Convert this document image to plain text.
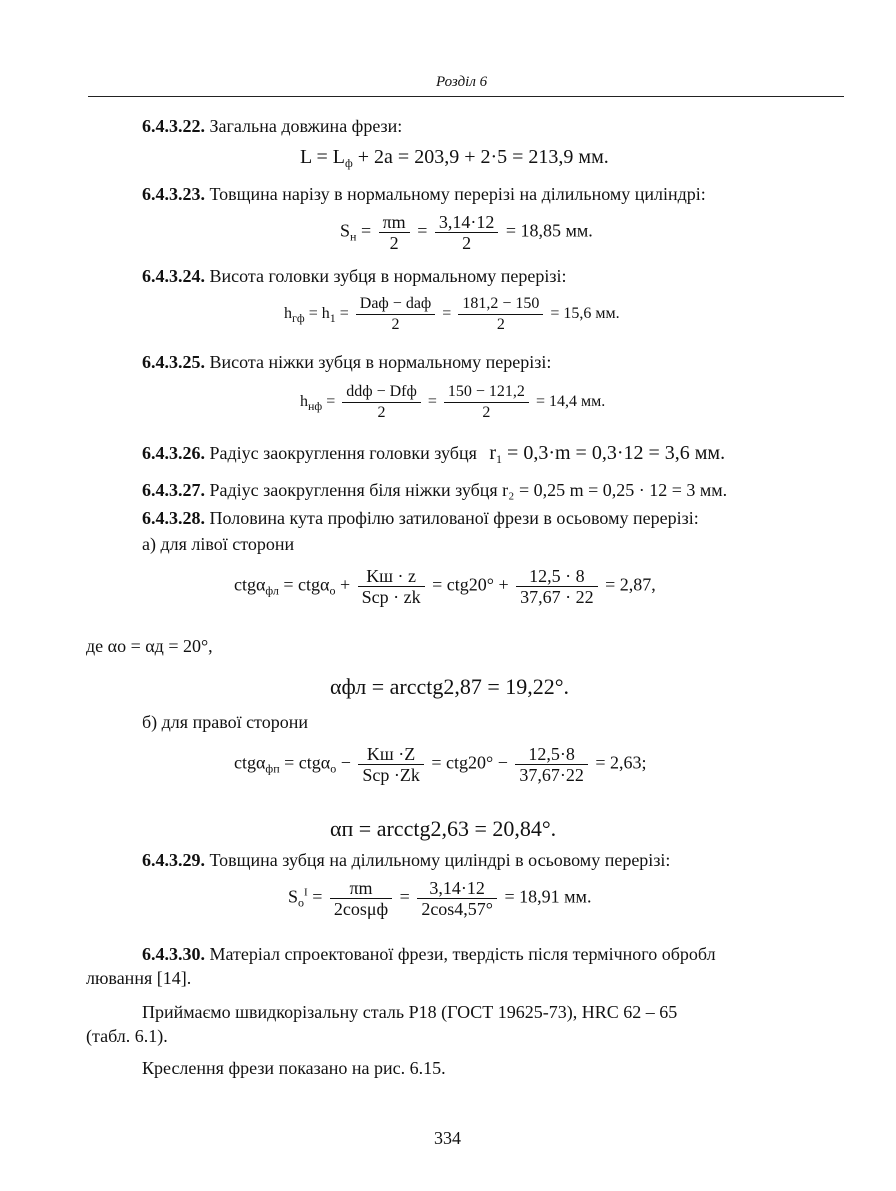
Розділ 6
6.4.3.22. Загальна довжина фрези:
$L = L_ф + 2a = 203,9 + 2\cdot 5 = 213,9$ мм.
6.4.3.23. Товщина нарізу в нормальному перерізі на ділильному циліндрі:
$S_н = \frac{\pi m}{2} = \frac{3,14\cdot 12}{2} = 18,85$ мм.
6.4.3.24. Висота головки зубця в нормальному перерізі:
$h_{гф} = h_1 = \frac{\text{Dаф − dаф}}{2} = \frac{181,2 - 150}{2} = 15,6$ мм.
6.4.3.25. Висота ніжки зубця в нормальному перерізі:
$h_{нф} = \frac{\text{ddф − Dfф}}{2} = \frac{150 - 121,2}{2} = 14,4$ мм.
6.4.3.26. Радіус заокруглення головки зубця $r_1 = 0,3\cdot m = 0,3\cdot 12 = 3,6$ мм.
6.4.3.27. Радіус заокруглення біля ніжки зубця r₂ = 0,25 m = 0,25 · 12 = 3 мм.
6.4.3.28. Половина кута профілю затилованої фрези в осьовому перерізі:
а) для лівої сторони
$ctg\alpha_{фл} = ctg\alpha_о + \frac{Kш \cdot z}{\text{Sср · zk}} = ctg20^\circ + \frac{12,5 \cdot 8}{37,67 \cdot 22} = 2,87$,
де αо = αд = 20°,
αфл = arcctg2,87 = 19,22°.
б) для правої сторони
$ctg\alpha_{фп} = ctg\alpha_о - \frac{Kш \cdot Z}{\text{Sср ·Zk}} = ctg20^\circ - \frac{12,5\cdot 8}{37,67\cdot 22} = 2,63$;
αп = arcctg2,63 = 20,84°.
6.4.3.29. Товщина зубця на ділильному циліндрі в осьовому перерізі:
$S_о^I = \frac{\pi m}{2\cos\mu ф} = \frac{3,14\cdot 12}{2\cos 4,57^\circ} = 18,91$ мм.
6.4.3.30. Матеріал спроектованої фрези, твердість після термічного обробл
лювання [14].
Приймаємо швидкорізальну сталь Р18 (ГОСТ 19625-73), HRC 62 – 65
(табл. 6.1).
Креслення фрези показано на рис. 6.15.
334
